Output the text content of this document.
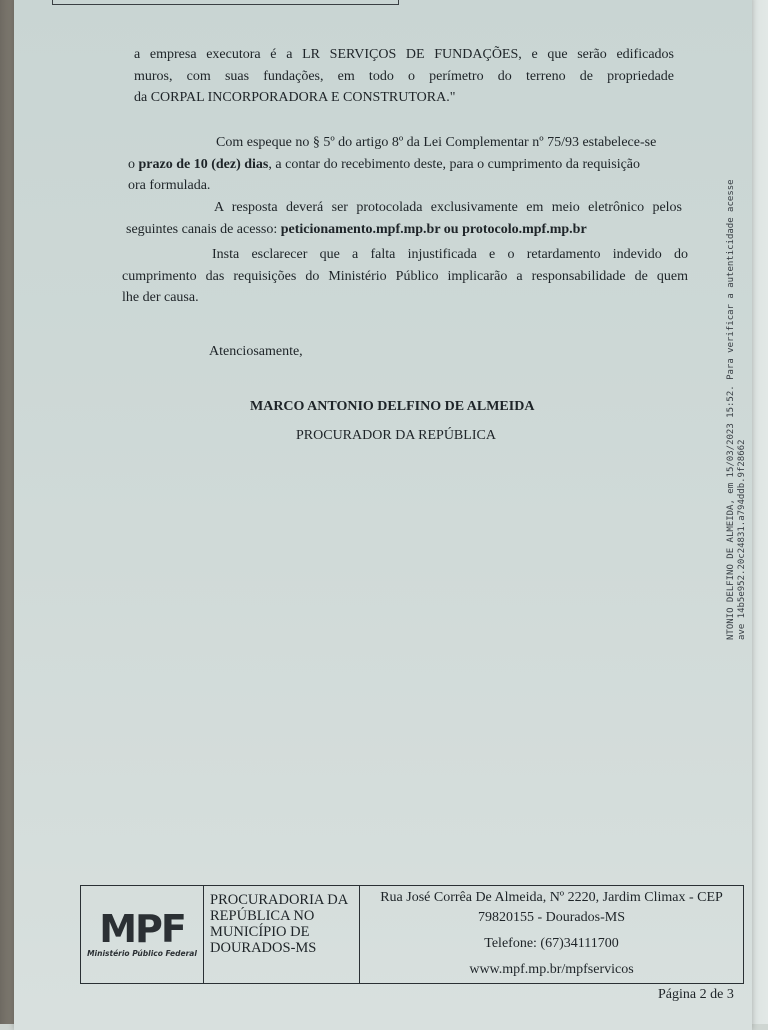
a empresa executora é a LR SERVIÇOS DE FUNDAÇÕES, e que serão edificados
muros, com suas fundações, em todo o perímetro do terreno de propriedade
da CORPAL INCORPORADORA E CONSTRUTORA."
Com espeque no § 5º do artigo 8º da Lei Complementar nº 75/93 estabelece-se
o prazo de 10 (dez) dias, a contar do recebimento deste, para o cumprimento da requisição
ora formulada.
A resposta deverá ser protocolada exclusivamente em meio eletrônico pelos
seguintes canais de acesso: peticionamento.mpf.mp.br ou protocolo.mpf.mp.br
Insta esclarecer que a falta injustificada e o retardamento indevido do
cumprimento das requisições do Ministério Público implicarão a responsabilidade de quem
lhe der causa.
Atenciosamente,
MARCO ANTONIO DELFINO DE ALMEIDA
PROCURADOR DA REPÚBLICA
MPF
Ministério Público Federal
PROCURADORIA DA
REPÚBLICA NO
MUNICÍPIO DE
DOURADOS-MS
Rua José Corrêa De Almeida, Nº 2220, Jardim Climax - CEP
79820155 - Dourados-MS
Telefone: (67)34111700
www.mpf.mp.br/mpfservicos
Página 2 de 3
NTONIO DELFINO DE ALMEIDA, em 15/03/2023 15:52. Para verificar a autenticidade acesse ave 14b5e952.20c24831.a794ddb.9f28662
